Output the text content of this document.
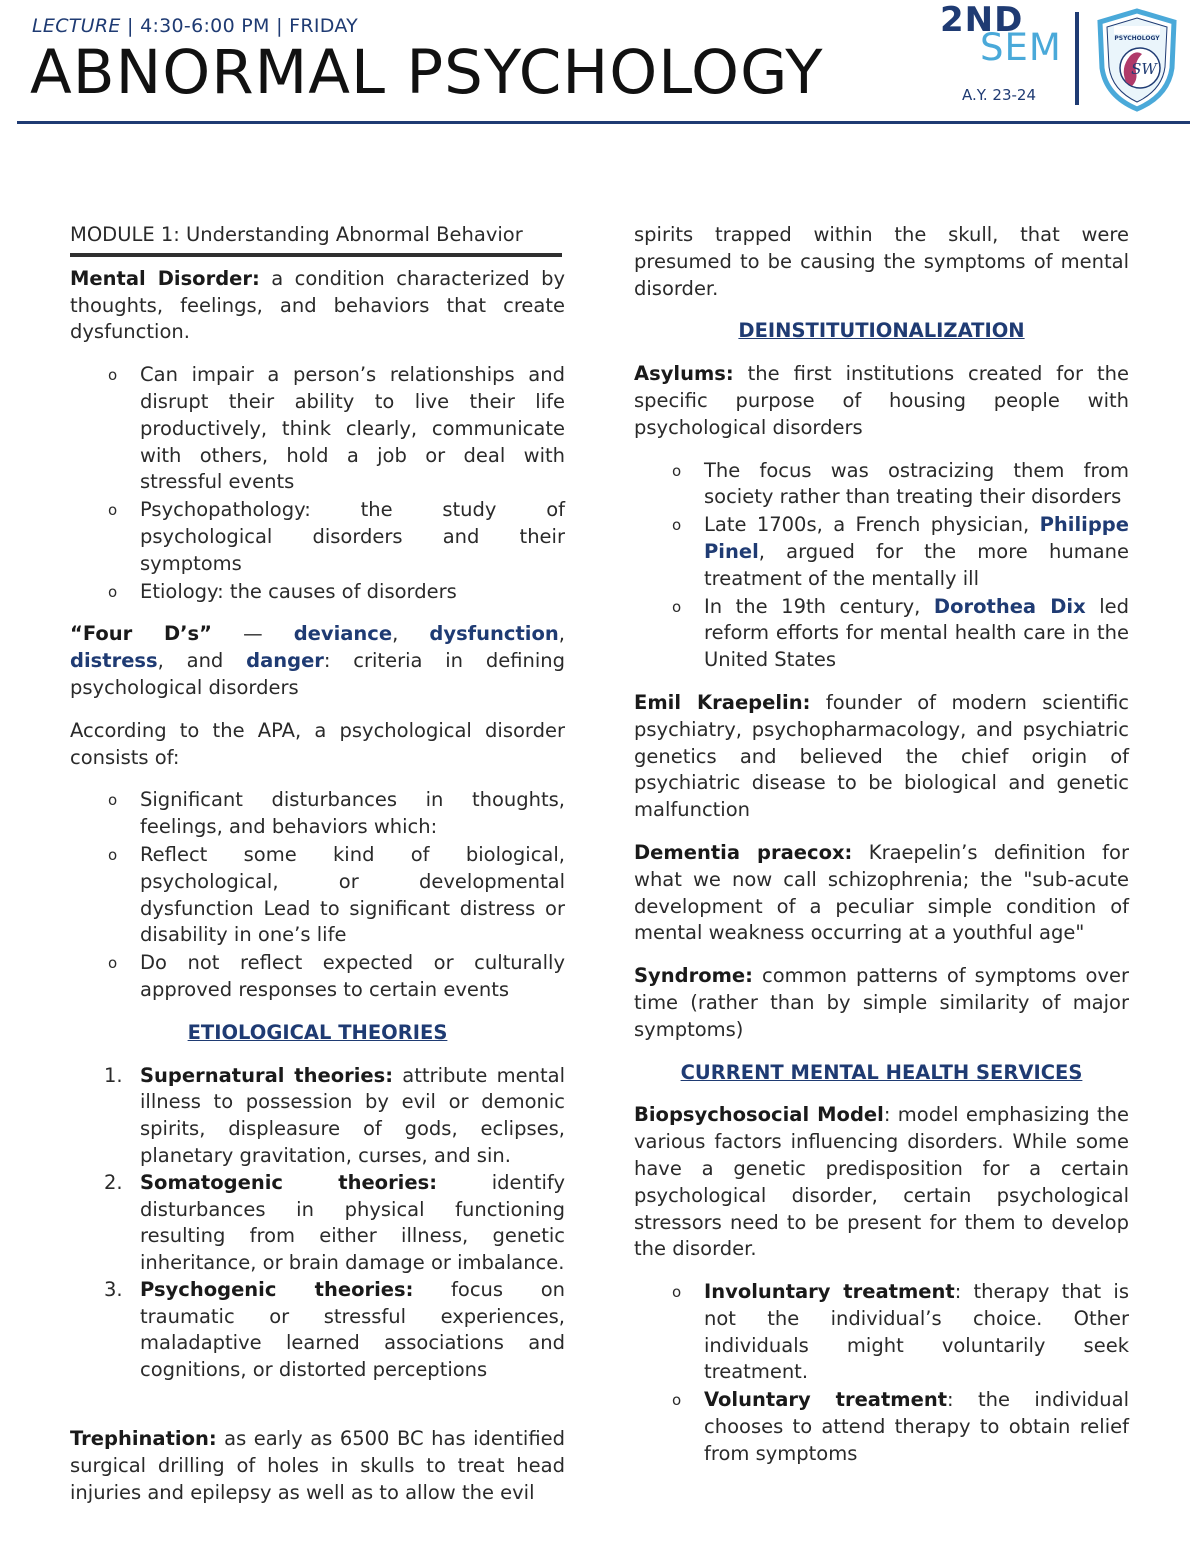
LECTURE | 4:30-6:00 PM | FRIDAY
ABNORMAL PSYCHOLOGY
2ND
SEM
A.Y. 23-24
PSYCHOLOGY
SW

MODULE 1: Understanding Abnormal Behavior

Mental Disorder: a condition characterized by thoughts, feelings, and behaviors that create dysfunction.

o Can impair a person’s relationships and disrupt their ability to live their life productively, think clearly, communicate with others, hold a job or deal with stressful events
o Psychopathology: the study of psychological disorders and their symptoms
o Etiology: the causes of disorders

“Four D’s” — deviance, dysfunction, distress, and danger: criteria in defining psychological disorders

According to the APA, a psychological disorder consists of:

o Significant disturbances in thoughts, feelings, and behaviors which:
o Reflect some kind of biological, psychological, or developmental dysfunction Lead to significant distress or disability in one’s life
o Do not reflect expected or culturally approved responses to certain events

ETIOLOGICAL THEORIES

1. Supernatural theories: attribute mental illness to possession by evil or demonic spirits, displeasure of gods, eclipses, planetary gravitation, curses, and sin.
2. Somatogenic theories: identify disturbances in physical functioning resulting from either illness, genetic inheritance, or brain damage or imbalance.
3. Psychogenic theories: focus on traumatic or stressful experiences, maladaptive learned associations and cognitions, or distorted perceptions

Trephination: as early as 6500 BC has identified surgical drilling of holes in skulls to treat head injuries and epilepsy as well as to allow the evil

spirits trapped within the skull, that were presumed to be causing the symptoms of mental disorder.

DEINSTITUTIONALIZATION

Asylums: the first institutions created for the specific purpose of housing people with psychological disorders

o The focus was ostracizing them from society rather than treating their disorders
o Late 1700s, a French physician, Philippe Pinel, argued for the more humane treatment of the mentally ill
o In the 19th century, Dorothea Dix led reform efforts for mental health care in the United States

Emil Kraepelin: founder of modern scientific psychiatry, psychopharmacology, and psychiatric genetics and believed the chief origin of psychiatric disease to be biological and genetic malfunction

Dementia praecox: Kraepelin’s definition for what we now call schizophrenia; the "sub-acute development of a peculiar simple condition of mental weakness occurring at a youthful age"

Syndrome: common patterns of symptoms over time (rather than by simple similarity of major symptoms)

CURRENT MENTAL HEALTH SERVICES

Biopsychosocial Model: model emphasizing the various factors influencing disorders. While some have a genetic predisposition for a certain psychological disorder, certain psychological stressors need to be present for them to develop the disorder.

o Involuntary treatment: therapy that is not the individual’s choice. Other individuals might voluntarily seek treatment.
o Voluntary treatment: the individual chooses to attend therapy to obtain relief from symptoms
